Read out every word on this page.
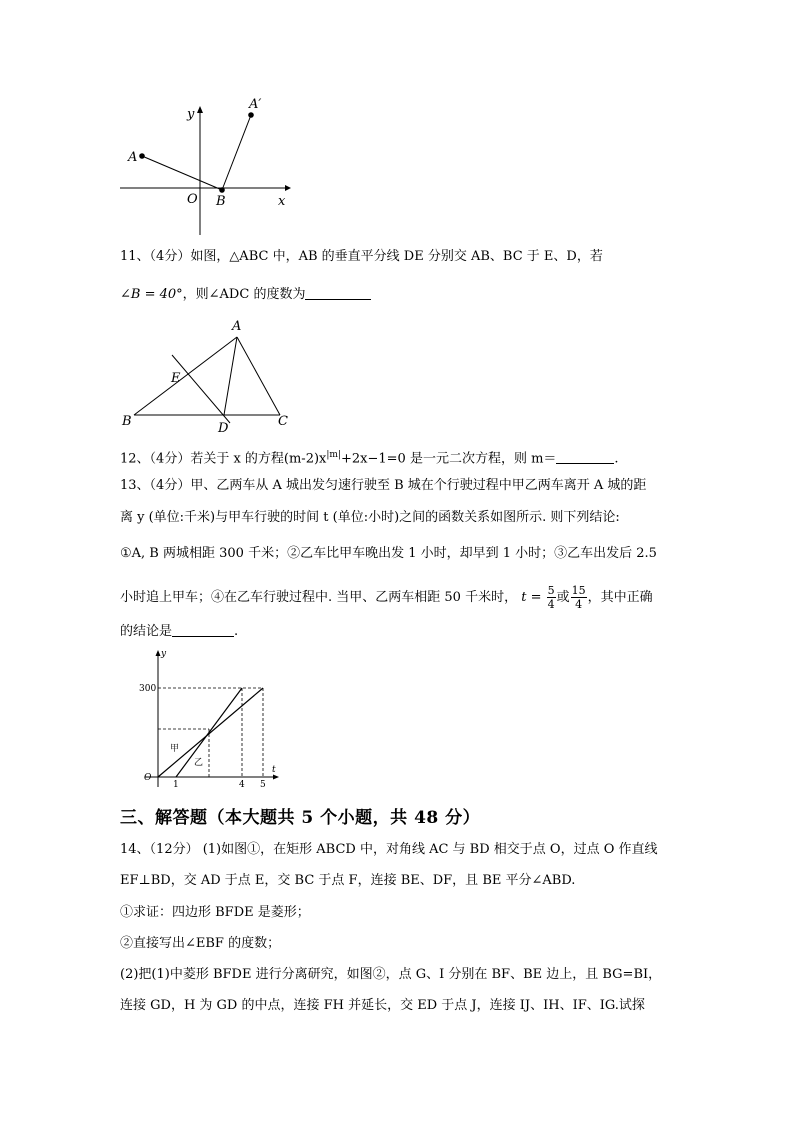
y
x
O
A
B
A′
11、（4分）如图，△ABC 中，AB 的垂直平分线 DE 分别交 AB、BC 于 E、D，若
∠B = 40°，则∠ADC 的度数为
A
B	C
D
E
12、（4分）若关于 x 的方程$(m-2)x^{|m|}+2x-1=0$ 是一元二次方程，则 m＝	.
13、（4分）甲、乙两车从 A 城出发匀速行驶至 B 城在个行驶过程中甲乙两车离开 A 城的距
离 y (单位:千米)与甲车行驶的时间 t (单位:小时)之间的函数关系如图所示. 则下列结论:
①A, B 两城相距 300 千米；②乙车比甲车晚出发 1 小时，却早到 1 小时；③乙车出发后 2.5
小时追上甲车；④在乙车行驶过程中. 当甲、乙两车相距 50 千米时， $t = \frac{5}{4}$ 或 $\frac{15}{4}$ ，其中正确
的结论是	.
y
t
O
300
1	4 5
甲
乙
三、解答题（本大题共 5 个小题，共 48 分）
14、（12分） (1)如图①，在矩形 ABCD 中，对角线 AC 与 BD 相交于点 O，过点 O 作直线
EF⊥BD，交 AD 于点 E，交 BC 于点 F，连接 BE、DF，且 BE 平分∠ABD.
①求证：四边形 BFDE 是菱形；
②直接写出∠EBF 的度数；
(2)把(1)中菱形 BFDE 进行分离研究，如图②，点 G、I 分别在 BF、BE 边上，且 BG=BI，
连接 GD，H 为 GD 的中点，连接 FH 并延长，交 ED 于点 J，连接 IJ、IH、IF、IG.试探
